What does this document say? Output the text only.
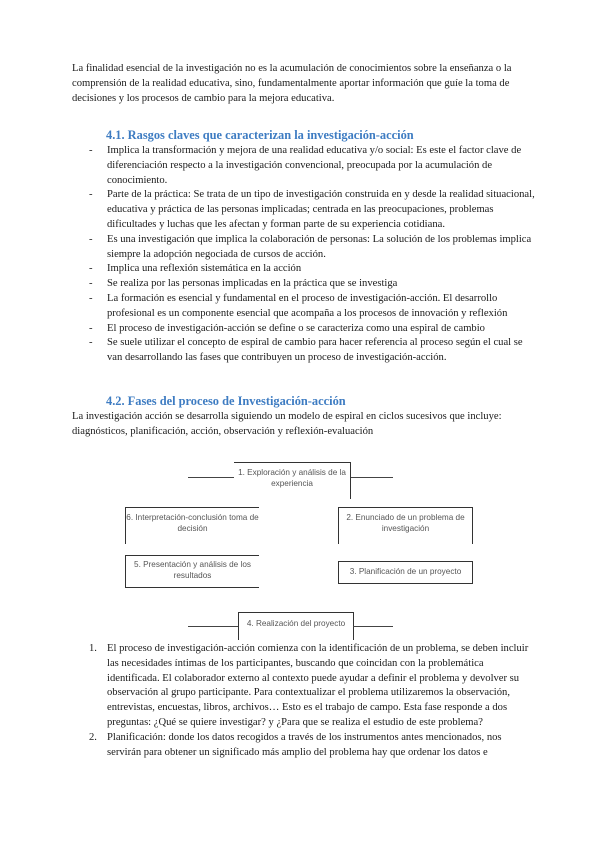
La finalidad esencial de la investigación no es la acumulación de conocimientos sobre la enseñanza o la comprensión de la realidad educativa, sino, fundamentalmente aportar información que guíe la toma de decisiones y los procesos de cambio para la mejora educativa.

4.1. Rasgos claves que caracterizan la investigación-acción
- Implica la transformación y mejora de una realidad educativa y/o social: Es este el factor clave de diferenciación respecto a la investigación convencional, preocupada por la acumulación de conocimiento.
- Parte de la práctica: Se trata de un tipo de investigación construida en y desde la realidad situacional, educativa y práctica de las personas implicadas; centrada en las preocupaciones, problemas dificultades y luchas que les afectan y forman parte de su experiencia cotidiana.
- Es una investigación que implica la colaboración de personas: La solución de los problemas implica siempre la adopción negociada de cursos de acción.
- Implica una reflexión sistemática en la acción
- Se realiza por las personas implicadas en la práctica que se investiga
- La formación es esencial y fundamental en el proceso de investigación-acción. El desarrollo profesional es un componente esencial que acompaña a los procesos de innovación y reflexión
- El proceso de investigación-acción se define o se caracteriza como una espiral de cambio
- Se suele utilizar el concepto de espiral de cambio para hacer referencia al proceso según el cual se van desarrollando las fases que contribuyen un proceso de investigación-acción.
4.2. Fases del proceso de Investigación-acción

La investigación acción se desarrolla siguiendo un modelo de espiral en ciclos sucesivos que incluye: diagnósticos, planificación, acción, observación y reflexión-evaluación

1. Exploración y análisis de la experiencia
6. Interpretación-conclusión toma de decisión
2. Enunciado de un problema de investigación
5. Presentación y análisis de los resultados	3. Planificación de un proyecto
4. Realización del proyecto
1. El proceso de investigación-acción comienza con la identificación de un problema, se deben incluir las necesidades íntimas de los participantes, buscando que coincidan con la problemática identificada. El colaborador externo al contexto puede ayudar a definir el problema y devolver su observación al grupo participante. Para contextualizar el problema utilizaremos la observación, entrevistas, encuestas, libros, archivos… Esto es el trabajo de campo. Esta fase responde a dos preguntas: ¿Qué se quiere investigar? y ¿Para que se realiza el estudio de este problema?
2. Planificación: donde los datos recogidos a través de los instrumentos antes mencionados, nos servirán para obtener un significado más amplio del problema hay que ordenar los datos e
